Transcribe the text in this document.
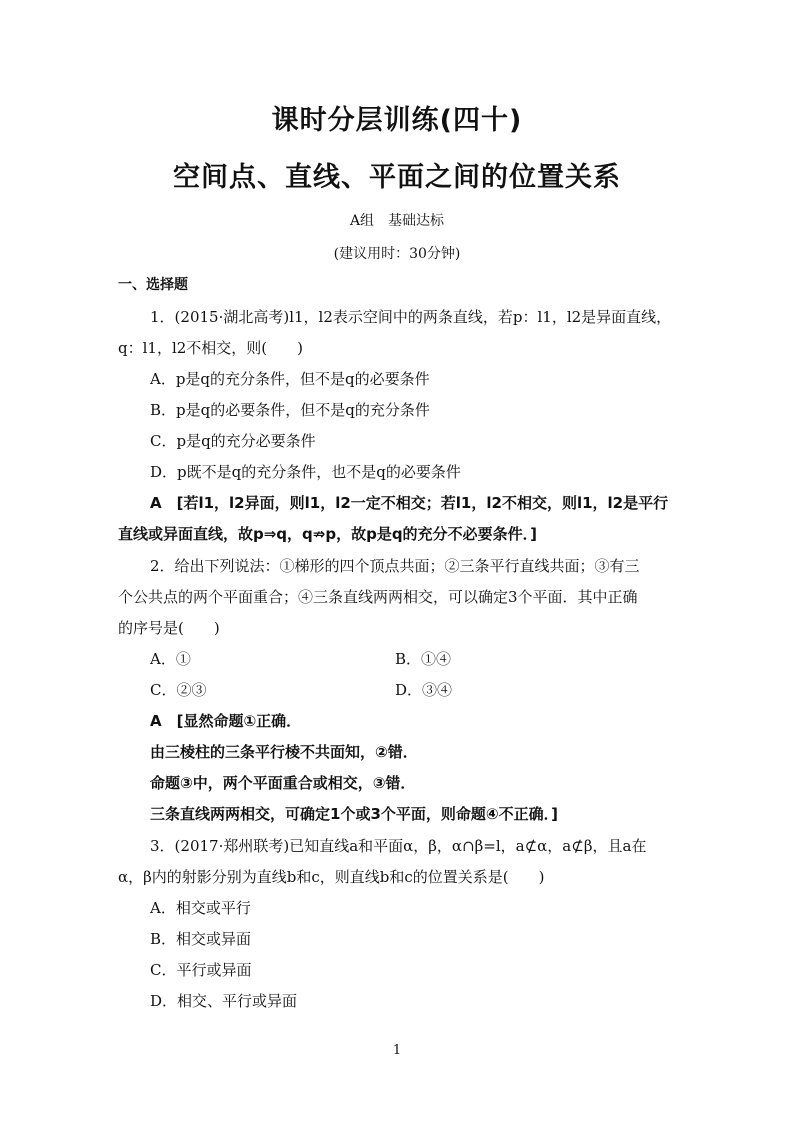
课时分层训练(四十)
空间点、直线、平面之间的位置关系
A组　基础达标
(建议用时：30分钟)
一、选择题
1．(2015·湖北高考)l1，l2表示空间中的两条直线，若p：l1，l2是异面直线，
q：l1，l2不相交，则(　　)
A．p是q的充分条件，但不是q的必要条件
B．p是q的必要条件，但不是q的充分条件
C．p是q的充分必要条件
D．p既不是q的充分条件，也不是q的必要条件
A　[若l1，l2异面，则l1，l2一定不相交；若l1，l2不相交，则l1，l2是平行
直线或异面直线，故p⇒q，q⇏p，故p是q的充分不必要条件．]
2．给出下列说法：①梯形的四个顶点共面；②三条平行直线共面；③有三
个公共点的两个平面重合；④三条直线两两相交，可以确定3个平面．其中正确
的序号是(　　)
A．①	B．①④
C．②③	D．③④
A　[显然命题①正确．
由三棱柱的三条平行棱不共面知，②错．
命题③中，两个平面重合或相交，③错．
三条直线两两相交，可确定1个或3个平面，则命题④不正确．]
3．(2017·郑州联考)已知直线a和平面α，β，α∩β=l，a⊄α，a⊄β，且a在
α，β内的射影分别为直线b和c，则直线b和c的位置关系是(　　)
A．相交或平行
B．相交或异面
C．平行或异面
D．相交、平行或异面
1
